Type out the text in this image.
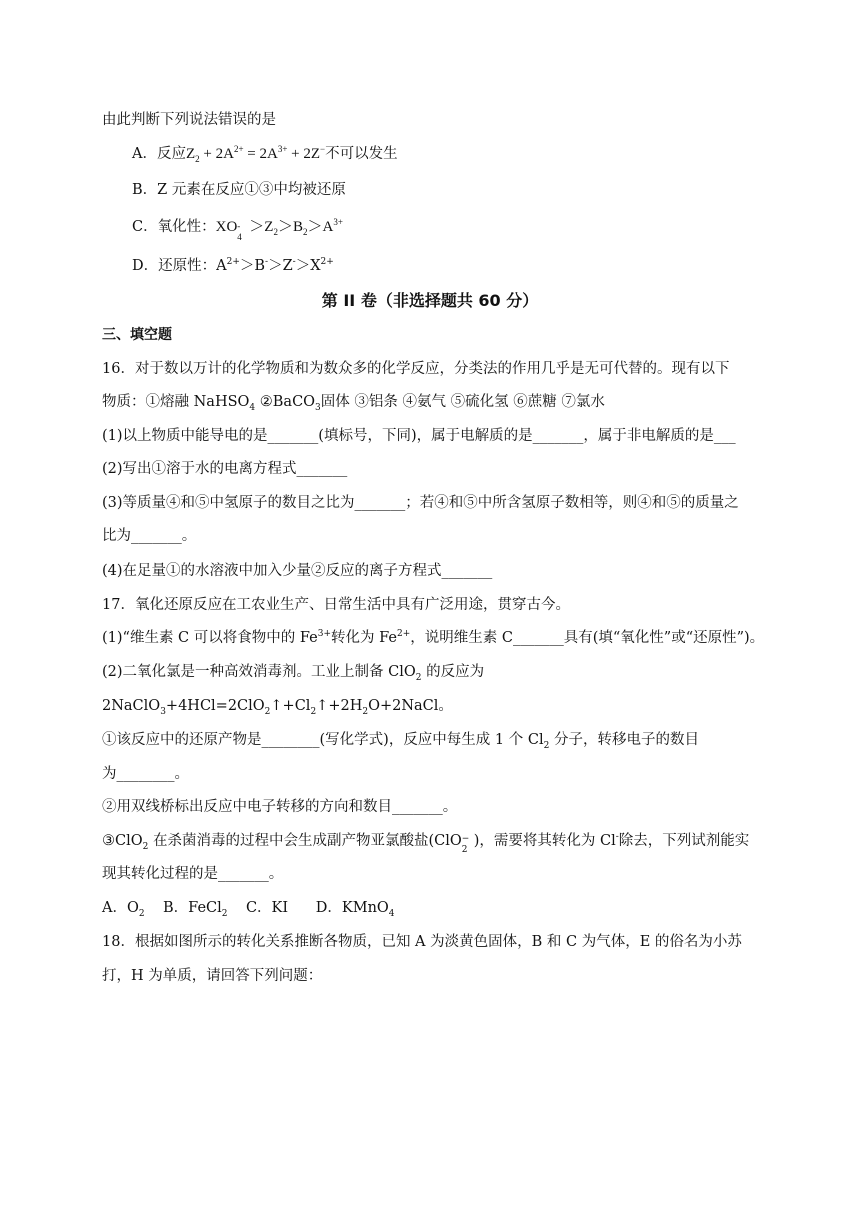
由此判断下列说法错误的是
A．反应$Z_2 + 2A^{2+} = 2A^{3+} + 2Z^-$不可以发生
B．Z 元素在反应①③中均被还原
C．氧化性：XO -
4
$>Z_2>B_2>A^{3+}$
D．还原性：$A^{2+}>B^->Z^->X^{2+}$
第 II 卷（非选择题共 60 分）
三、填空题
16．对于数以万计的化学物质和为数众多的化学反应，分类法的作用几乎是无可代替的。现有以下
物质：①熔融 NaHSO$_4$ ②BaCO$_3$固体 ③铝条 ④氨气 ⑤硫化氢 ⑥蔗糖 ⑦氯水
(1)以上物质中能导电的是_______(填标号，下同)，属于电解质的是_______，属于非电解质的是___
(2)写出①溶于水的电离方程式_______
(3)等质量④和⑤中氢原子的数目之比为_______；若④和⑤中所含氢原子数相等，则④和⑤的质量之
比为_______。
(4)在足量①的水溶液中加入少量②反应的离子方程式_______
17．氧化还原反应在工农业生产、日常生活中具有广泛用途，贯穿古今。
(1)“维生素 C 可以将食物中的 $Fe^{3+}$转化为 $Fe^{2+}$，说明维生素 C_______具有(填“氧化性”或“还原性”)。
(2)二氧化氯是一种高效消毒剂。工业上制备 ClO$_2$ 的反应为
$2NaClO_3+4HCl=2ClO_2↑+Cl_2↑+2H_2O+2NaCl$。
①该反应中的还原产物是________(写化学式)，反应中每生成 1 个 $Cl_2$ 分子，转移电子的数目
为________。
②用双线桥标出反应中电子转移的方向和数目_______。
③ClO$_2$ 在杀菌消毒的过程中会生成副产物亚氯酸盐(ClO −
2
)，需要将其转化为 Cl-除去，下列试剂能实
现其转化过程的是_______。
A．$O_2$    B．FeCl$_2$    C．KI      D．KMnO$_4$
18．根据如图所示的转化关系推断各物质，已知 A 为淡黄色固体，B 和 C 为气体，E 的俗名为小苏
打，H 为单质，请回答下列问题：
